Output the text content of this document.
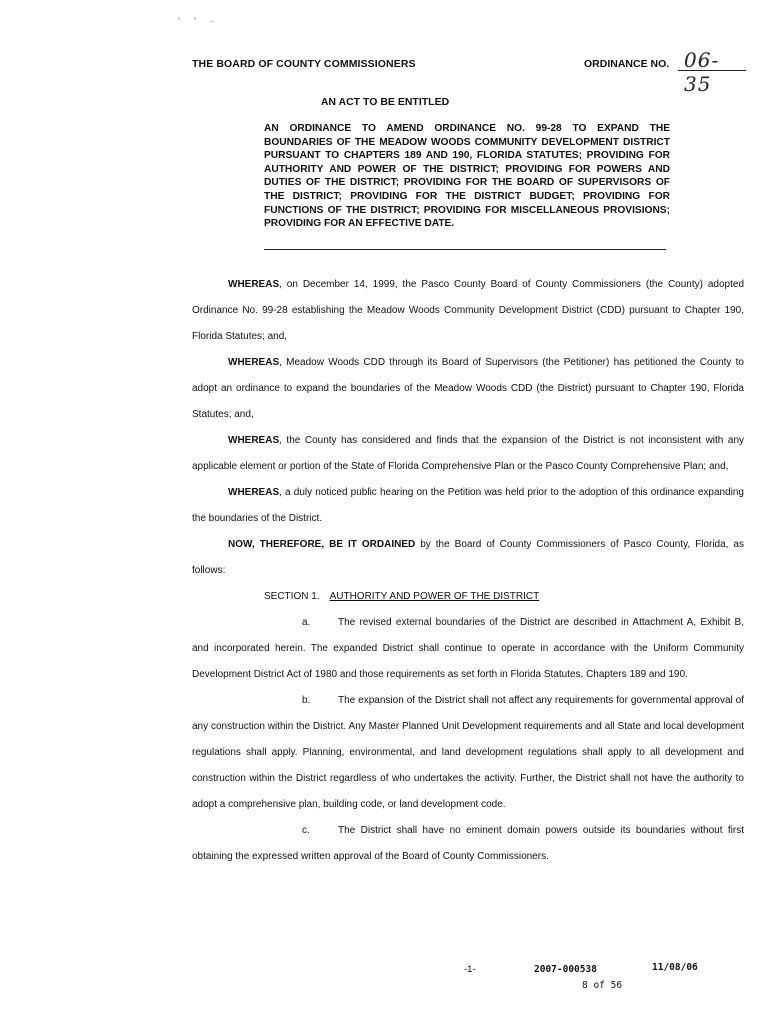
' ' ·
THE BOARD OF COUNTY COMMISSIONERS	ORDINANCE NO. 06-35
AN ACT TO BE ENTITLED
AN ORDINANCE TO AMEND ORDINANCE NO. 99-28 TO EXPAND THE BOUNDARIES OF THE MEADOW WOODS COMMUNITY DEVELOPMENT DISTRICT PURSUANT TO CHAPTERS 189 AND 190, FLORIDA STATUTES; PROVIDING FOR AUTHORITY AND POWER OF THE DISTRICT; PROVIDING FOR POWERS AND DUTIES OF THE DISTRICT; PROVIDING FOR THE BOARD OF SUPERVISORS OF THE DISTRICT; PROVIDING FOR THE DISTRICT BUDGET; PROVIDING FOR FUNCTIONS OF THE DISTRICT; PROVIDING FOR MISCELLANEOUS PROVISIONS; PROVIDING FOR AN EFFECTIVE DATE.

WHEREAS, on December 14, 1999, the Pasco County Board of County Commissioners (the County) adopted Ordinance No. 99-28 establishing the Meadow Woods Community Development District (CDD) pursuant to Chapter 190, Florida Statutes; and,

WHEREAS, Meadow Woods CDD through its Board of Supervisors (the Petitioner) has petitioned the County to adopt an ordinance to expand the boundaries of the Meadow Woods CDD (the District) pursuant to Chapter 190, Florida Statutes; and,

WHEREAS, the County has considered and finds that the expansion of the District is not inconsistent with any applicable element or portion of the State of Florida Comprehensive Plan or the Pasco County Comprehensive Plan; and,

WHEREAS, a duly noticed public hearing on the Petition was held prior to the adoption of this ordinance expanding the boundaries of the District.

NOW, THEREFORE, BE IT ORDAINED by the Board of County Commissioners of Pasco County, Florida, as follows:

SECTION 1. AUTHORITY AND POWER OF THE DISTRICT

a.	The revised external boundaries of the District are described in Attachment A, Exhibit B, and incorporated herein. The expanded District shall continue to operate in accordance with the Uniform Community Development District Act of 1980 and those requirements as set forth in Florida Statutes, Chapters 189 and 190.

b.	The expansion of the District shall not affect any requirements for governmental approval of any construction within the District. Any Master Planned Unit Development requirements and all State and local development regulations shall apply. Planning, environmental, and land development regulations shall apply to all development and construction within the District regardless of who undertakes the activity. Further, the District shall not have the authority to adopt a comprehensive plan, building code, or land development code.

c.	The District shall have no eminent domain powers outside its boundaries without first obtaining the expressed written approval of the Board of County Commissioners.

-1-	2007-000538	11/08/06
8 of 56
